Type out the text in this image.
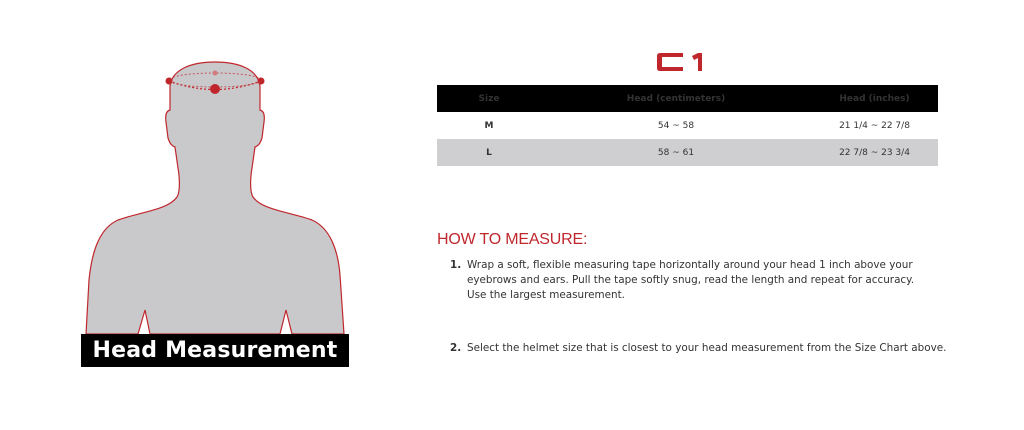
Head Measurement
Size	Head (centimeters)	Head (inches)
M	54 ~ 58	21 1/4 ~ 22 7/8
L	58 ~ 61	22 7/8 ~ 23 3/4
HOW TO MEASURE:
1. Wrap a soft, flexible measuring tape horizontally around your head 1 inch above your
eyebrows and ears. Pull the tape softly snug, read the length and repeat for accuracy.
Use the largest measurement.
2. Select the helmet size that is closest to your head measurement from the Size Chart above.
